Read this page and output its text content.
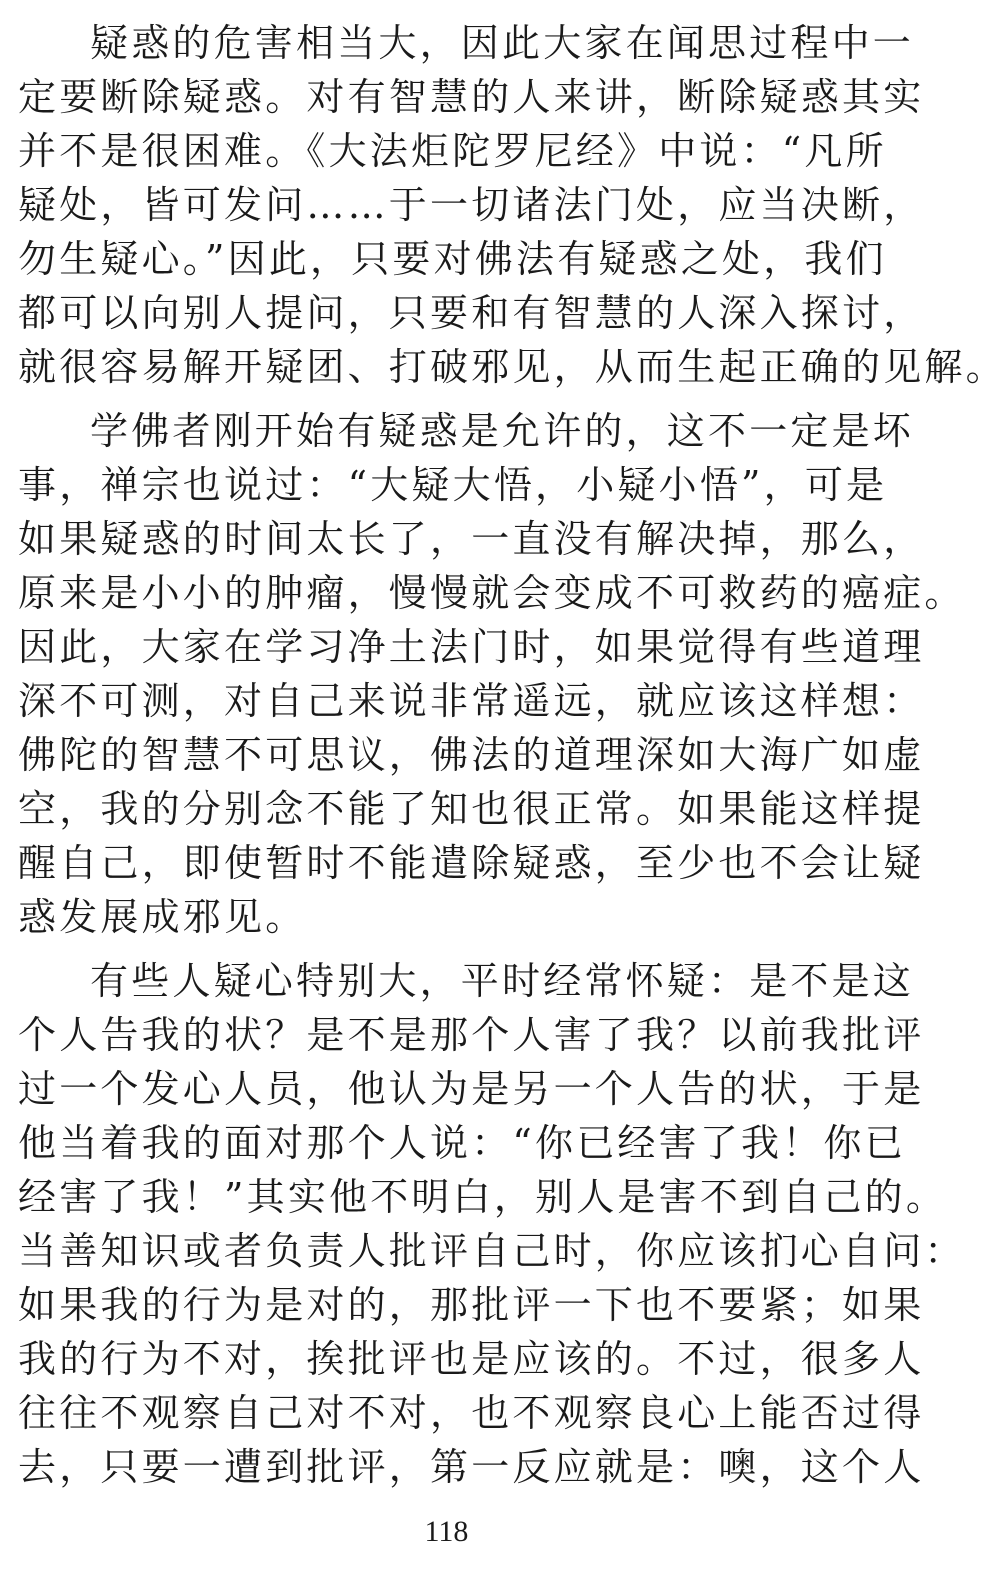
疑惑的危害相当大，因此大家在闻思过程中一
定要断除疑惑。对有智慧的人来讲，断除疑惑其实
并不是很困难。《大法炬陀罗尼经》中说：“凡所
疑处，皆可发问……于一切诸法门处，应当决断，
勿生疑心。”因此，只要对佛法有疑惑之处，我们
都可以向别人提问，只要和有智慧的人深入探讨，
就很容易解开疑团、打破邪见，从而生起正确的见解。
学佛者刚开始有疑惑是允许的，这不一定是坏
事，禅宗也说过：“大疑大悟，小疑小悟”，可是
如果疑惑的时间太长了，一直没有解决掉，那么，
原来是小小的肿瘤，慢慢就会变成不可救药的癌症。
因此，大家在学习净土法门时，如果觉得有些道理
深不可测，对自己来说非常遥远，就应该这样想：
佛陀的智慧不可思议，佛法的道理深如大海广如虚
空，我的分别念不能了知也很正常。如果能这样提
醒自己，即使暂时不能遣除疑惑，至少也不会让疑
惑发展成邪见。
有些人疑心特别大，平时经常怀疑：是不是这
个人告我的状？是不是那个人害了我？以前我批评
过一个发心人员，他认为是另一个人告的状，于是
他当着我的面对那个人说：“你已经害了我！你已
经害了我！”其实他不明白，别人是害不到自己的。
当善知识或者负责人批评自己时，你应该扪心自问：
如果我的行为是对的，那批评一下也不要紧；如果
我的行为不对，挨批评也是应该的。不过，很多人
往往不观察自己对不对，也不观察良心上能否过得
去，只要一遭到批评，第一反应就是：噢，这个人
118
